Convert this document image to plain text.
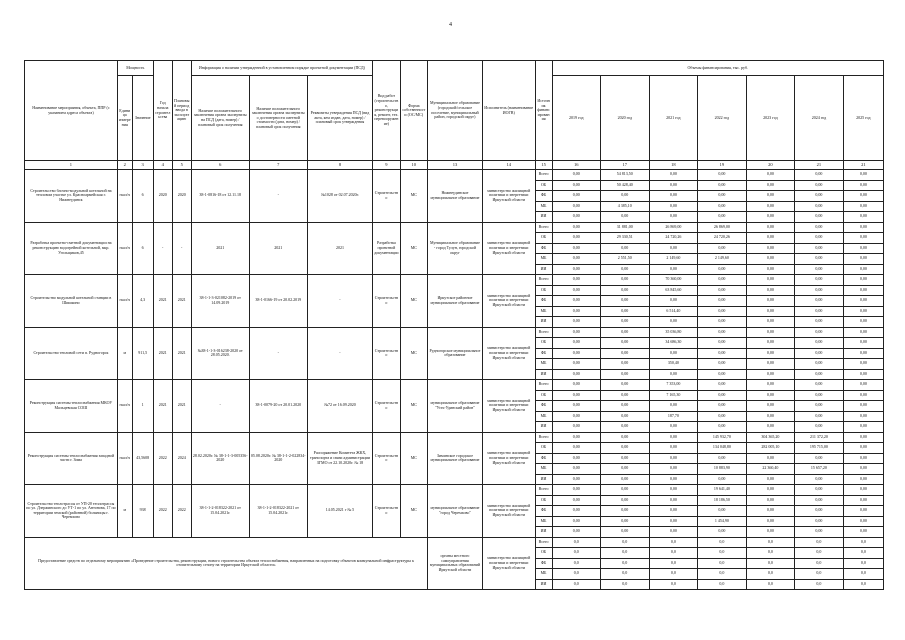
4
Наименование мероприятия, объекта, ППР (с указанием адреса объекта)	Мощность		Год начала строительства	Плановый период ввода в эксплуатацию	Информация о наличии утвержденной в установленном порядке проектной документации (ПСД)			Вид работ (строительство, реконструкция, ремонт, тех. перевооружение)	Форма собственности (ОС/МС)	Муниципальное образование (городской/сельское поселение, муниципальный район, городской округ)	Исполнитель (наименование ИОГВ)	Источник финансирования	Объемы финансирования, тыс. руб.						
	Единица измерения	Значение			Наличие положительного заключения органа экспертизы на ПСД (дата, номер) / плановый срок получения	Наличие положительного заключения органа экспертизы о достоверности сметной стоимости (дата, номер) / плановый срок получения	Реквизиты утверждения ПСД (вид акта, кем издан, дата, номер) / плановый срок утверждения						2019 год	2020 год	2021 год	2022 год	2023 год	2024 год	2025 год
1	2	3	4	5	6	7	8	9	10	13	14	15	16	17	18	19	20	21	21
Строительство блочно-модульной котельной на тепловом участке ул. Красноармейская г. Нижнеудинск	гкал/ч	6	2020	2020	38-1-0816-18 от 12.11.18	-	№1028 от 02.07.2020г.	Строительство	МС	Нижнеудинское муниципальное образование	министерство жилищной политики и энергетики Иркутской области	Всего	0,00	54 813,50	0,00	0,00	0,00	0,00	0,00
												ОБ	0,00	50 428,40	0,00	0,00	0,00	0,00	0,00
												ФБ	0,00	0,00	0,00	0,00	0,00	0,00	0,00
												МБ	0,00	4 385,10	0,00	0,00	0,00	0,00	0,00
												ИИ	0,00	0,00	0,00	0,00	0,00	0,00	0,00
Разработка проектно-сметной документации на реконструкцию водогрейной котельной, мкр. Угольщиков,45	гкал/ч	6	-	-	2021	2021	2021	Разработка проектной документации	МС	Муниципальное образование - город Тулун, городской округ	министерство жилищной политики и энергетики Иркутской области	Всего	0,00	31 881,00	26 869,00	26 869,00	0,00	0,00	0,00
												ОБ	0,00	29 330,51	24 720,26	24 720,26	0,00	0,00	0,00
												ФБ	0,00	0,00	0,00	0,00	0,00	0,00	0,00
												МБ	0,00	2 551,50	2 149,60	2 149,60	0,00	0,00	0,00
												ИИ	0,00	0,00	0,00	0,00	0,00	0,00	0,00
Строительство модульной котельной станции в Шишкино	гкал/ч	4,3	2021	2021	38-1-1-3-021082-2019 от 14.09.2019	38-1-0166-19 от 20.02.2019	-	Строительство	МС	Иркутское районное муниципальное образование	министерство жилищной политики и энергетики Иркутской области	Всего	0,00	0,00	70 360,00	0,00	0,00	0,00	0,00
												ОБ	0,00	0,00	63 845,60	0,00	0,00	0,00	0,00
												ФБ	0,00	0,00	0,00	0,00	0,00	0,00	0,00
												МБ	0,00	0,00	6 514,40	0,00	0,00	0,00	0,00
												ИИ	0,00	0,00	0,00	0,00	0,00	0,00	0,00
Строительство тепловой сети п. Рудногорск	м	911,5	2021	2021	№38-1-1-3-016238-2020 от 28.05.2020.	-	-	Строительство	МС	Рудногорское муниципальное образование	министерство жилищной политики и энергетики Иркутской области	Всего	0,00	0,00	35 036,80	0,00	0,00	0,00	0,00
												ОБ	0,00	0,00	34 686,30	0,00	0,00	0,00	0,00
												ФБ	0,00	0,00	0,00	0,00	0,00	0,00	0,00
												МБ	0,00	0,00	350,40	0,00	0,00	0,00	0,00
												ИИ	0,00	0,00	0,00	0,00	0,00	0,00	0,00
Реконструкция системы теплоснабжения МКОУ Мальцевская СОШ	гкал/ч	1	2021	2021	-	38-1-0079-20 от 20.01.2020	№72 от 16.09.2020	Строительство	МС	муниципальное образование "Усть-Удинский район"	министерство жилищной политики и энергетики Иркутской области	Всего	0,00	0,00	7 353,00	0,00	0,00	0,00	0,00
												ОБ	0,00	0,00	7 165,30	0,00	0,00	0,00	0,00
												ФБ	0,00	0,00	0,00	0,00	0,00	0,00	0,00
												МБ	0,00	0,00	187,70	0,00	0,00	0,00	0,00
												ИИ	0,00	0,00	0,00	0,00	0,00	0,00	0,00
Реконструкция системы теплоснабжения западной части г. Зима	гкал/ч	43,5608	2022	2024	28.02.2020г. № 38-1-1-3-005356-2020	05.08.2020г. № 38-1-1-2-022834-2020	Распоряжение Комитета ЖКХ, транспорта и связи администрации ЗГМО от 22.10.2020г. № 18	Строительство	МС	Зиминское городское муниципальное образование	министерство жилищной политики и энергетики Иркутской области	Всего	0,00	0,00	0,00	145 932,70	304 365,20	211 372,20	0,00
												ОБ	0,00	0,00	0,00	134 048,80	282 005,10	195 715,00	0,00
												ФБ	0,00	0,00	0,00	0,00	0,00	0,00	0,00
												МБ	0,00	0,00	0,00	10 883,90	22 360,40	15 657,20	0,00
												ИИ	0,00	0,00	0,00	0,00	0,00	0,00	0,00
Строительство теплотрассы от УП-20 теплотрассы по ул. Дзержинского до УТ-1 по ул. Антонова, 17 по территории земской (районной) больницы г. Черемхово	м	938	2022	2022	38-1-1-2-018322-2021 от 15.04.2021г.	38-1-1-2-018322-2021 от 15.04.2021г.	14.05.2021 г № 5	Строительство	МС	муниципальное образование "город Черемхово"	министерство жилищной политики и энергетики Иркутской области	Всего	0,00	0,00	0,00	19 641,40	0,00	0,00	0,00
												ОБ	0,00	0,00	0,00	18 186,50	0,00	0,00	0,00
												ФБ	0,00	0,00	0,00	0,00	0,00	0,00	0,00
												МБ	0,00	0,00	0,00	1 454,90	0,00	0,00	0,00
												ИИ	0,00	0,00	0,00	0,00	0,00	0,00	0,00
Предоставление средств по отдельному мероприятию «Проведение строительства, реконструкции, нового строительства объекта теплоснабжения, направленных на подготовку объектов коммунальной инфраструктуры к отопительному сезону на территории Иркутской области»										органы местного самоуправления муниципальных образований Иркутской области	министерство жилищной политики и энергетики Иркутской области	Всего	0,0	0,0	0,0	0,0	0,0	0,0	0,0
												ОБ	0,0	0,0	0,0	0,0	0,0	0,0	0,0
												ФБ	0,0	0,0	0,0	0,0	0,0	0,0	0,0
												МБ	0,0	0,0	0,0	0,0	0,0	0,0	0,0
												ИИ	0,0	0,0	0,0	0,0	0,0	0,0	0,0
